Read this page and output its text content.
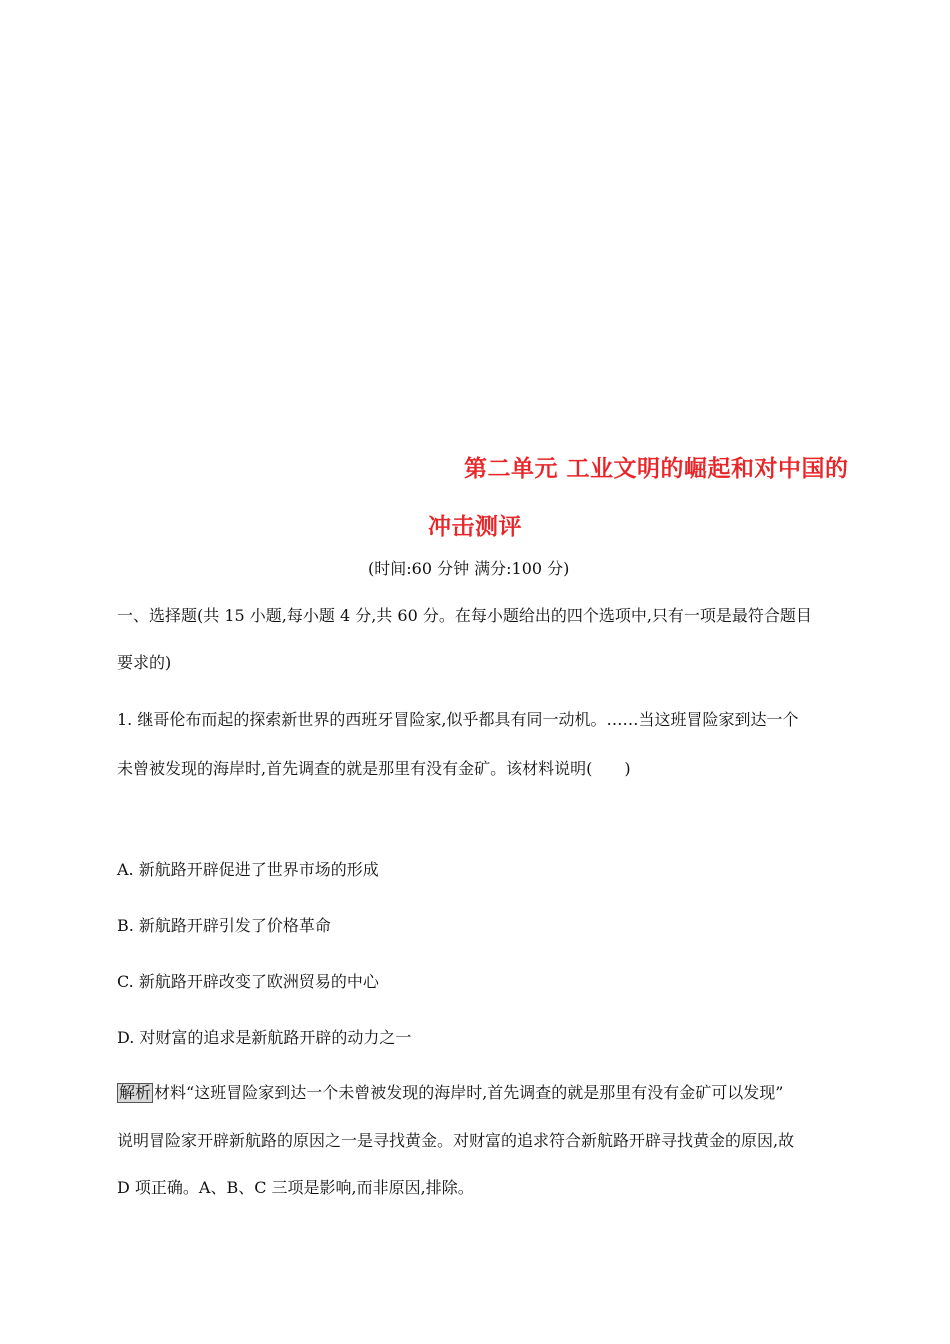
第二单元 工业文明的崛起和对中国的
冲击测评
(时间:60 分钟 满分:100 分)
一、选择题(共 15 小题,每小题 4 分,共 60 分。在每小题给出的四个选项中,只有一项是最符合题目
要求的)
1. 继哥伦布而起的探索新世界的西班牙冒险家,似乎都具有同一动机。……当这班冒险家到达一个
未曾被发现的海岸时,首先调查的就是那里有没有金矿。该材料说明(　　)
A. 新航路开辟促进了世界市场的形成
B. 新航路开辟引发了价格革命
C. 新航路开辟改变了欧洲贸易的中心
D. 对财富的追求是新航路开辟的动力之一
解析 材料“这班冒险家到达一个未曾被发现的海岸时,首先调查的就是那里有没有金矿可以发现”
说明冒险家开辟新航路的原因之一是寻找黄金。对财富的追求符合新航路开辟寻找黄金的原因,故
D 项正确。A、B、C 三项是影响,而非原因,排除。
